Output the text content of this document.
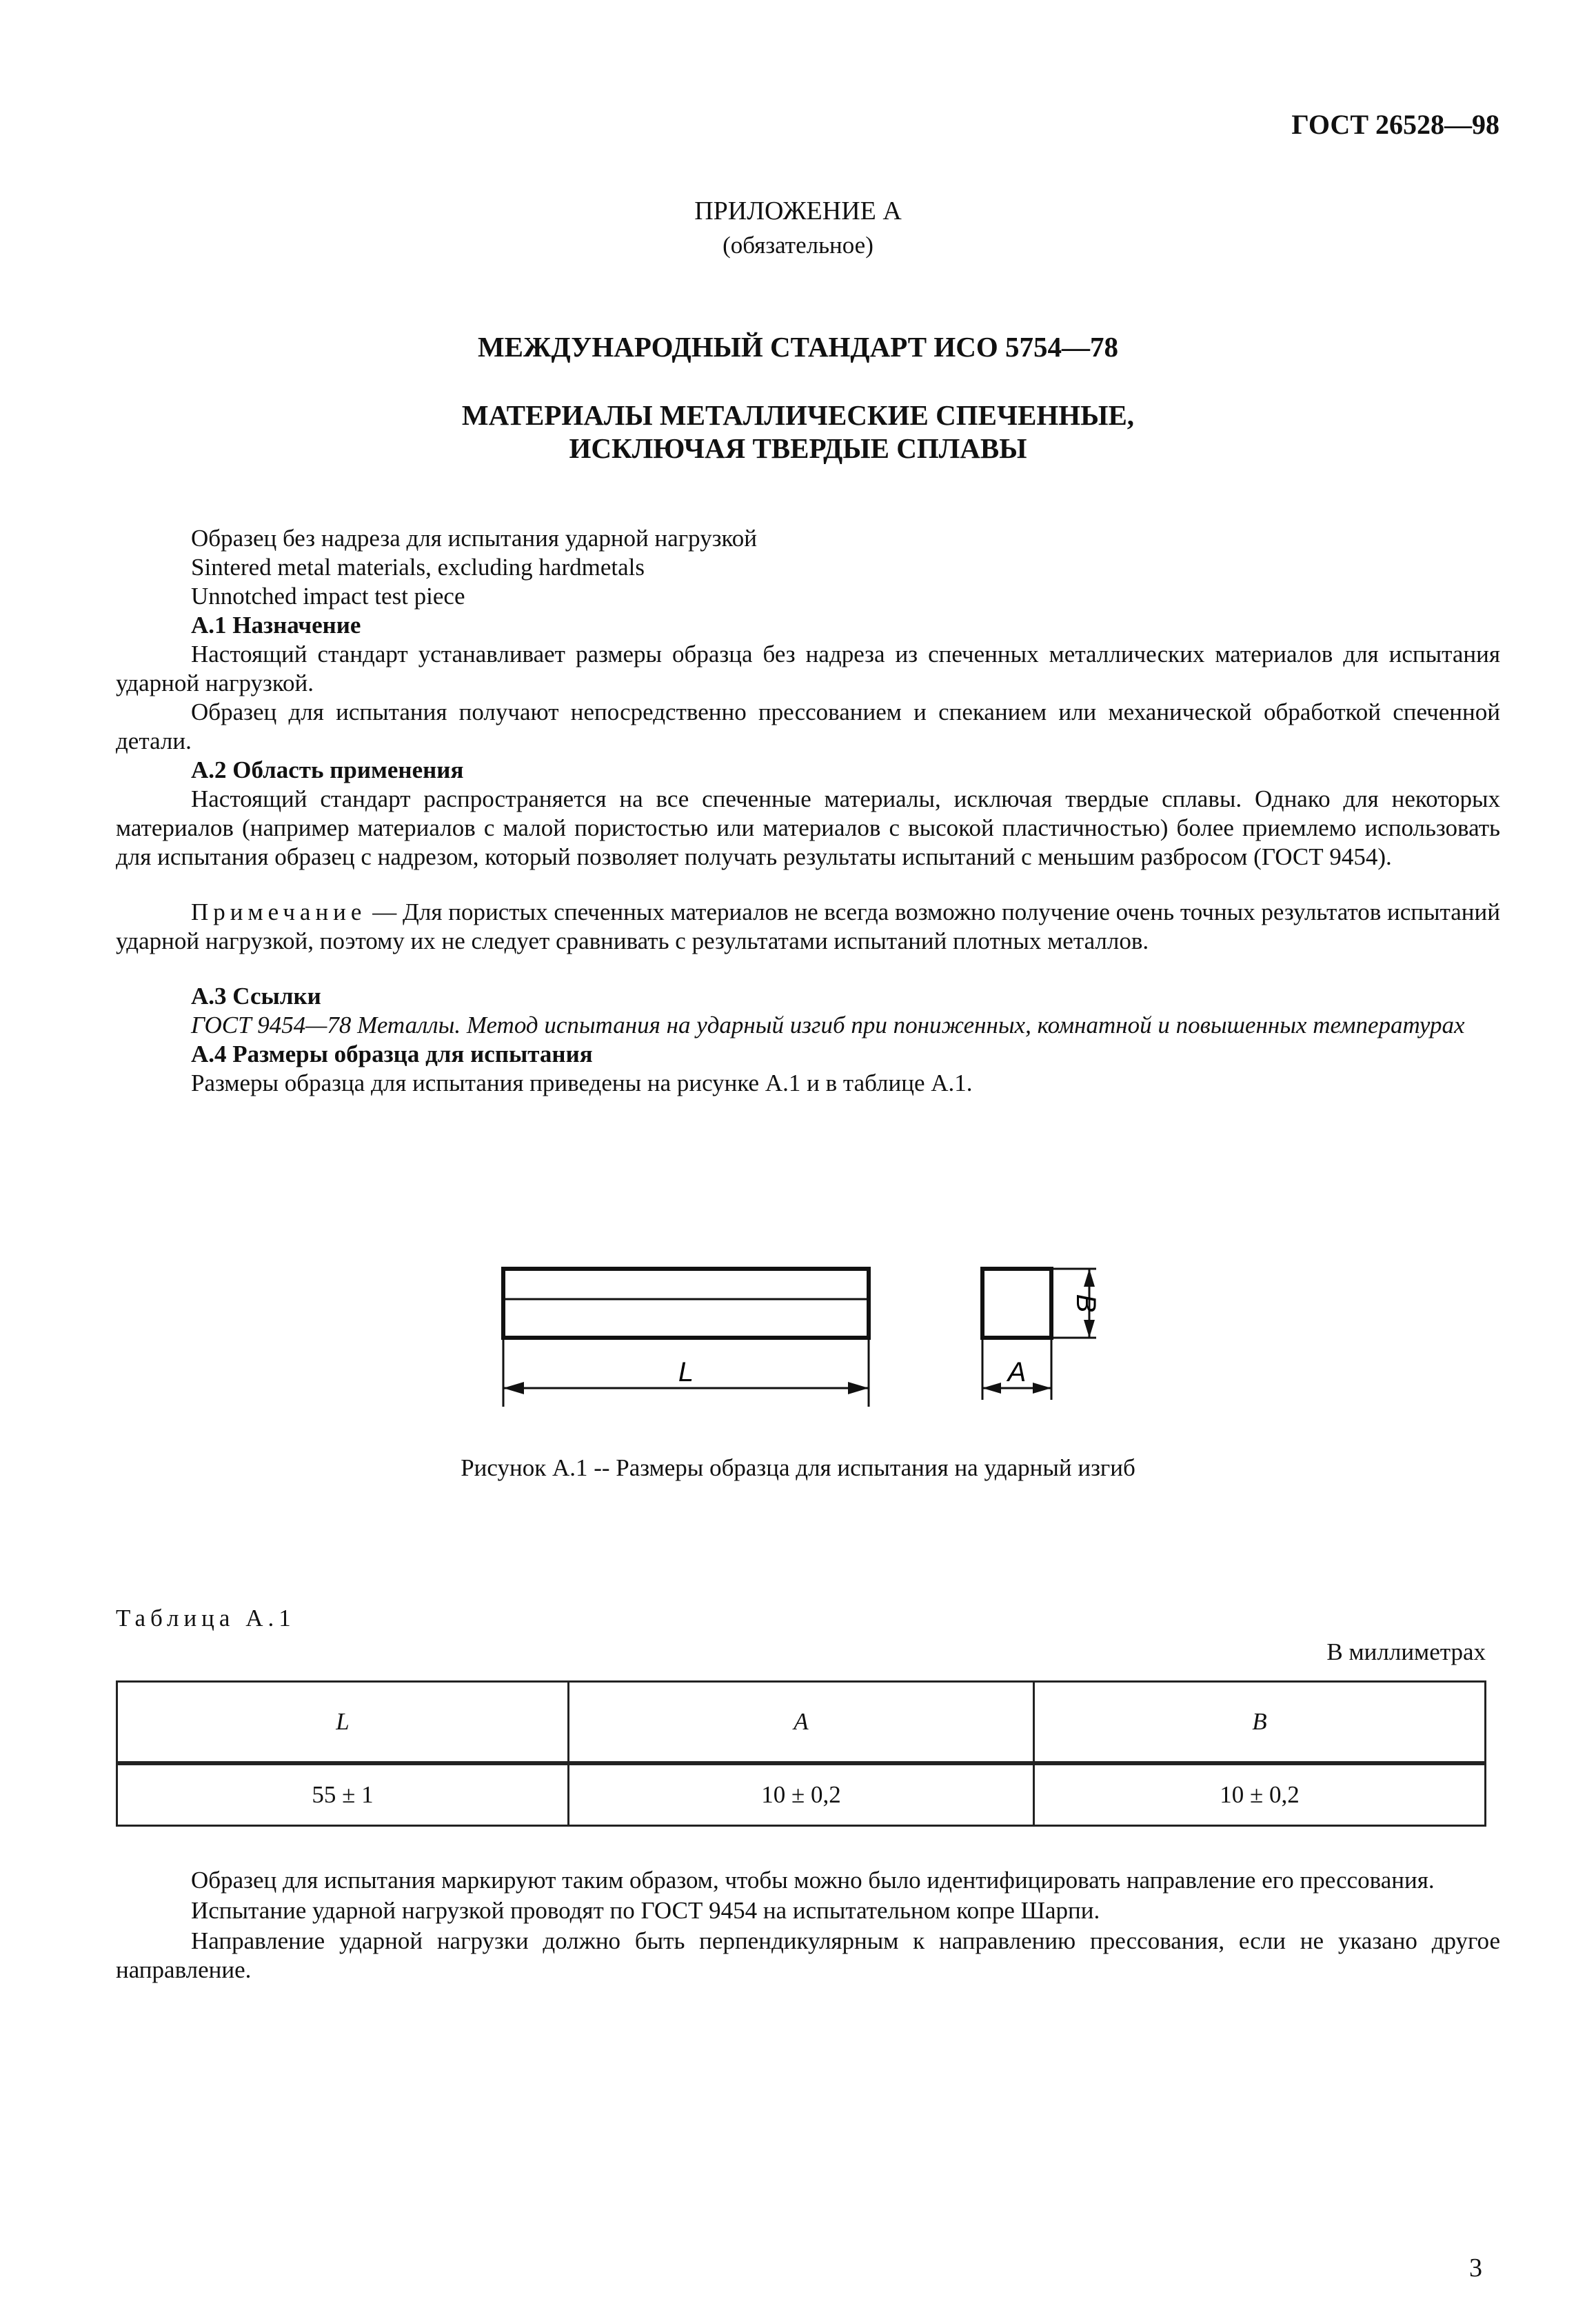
ГОСТ 26528—98
ПРИЛОЖЕНИЕ А
(обязательное)
МЕЖДУНАРОДНЫЙ СТАНДАРТ ИСО 5754—78
МАТЕРИАЛЫ МЕТАЛЛИЧЕСКИЕ СПЕЧЕННЫЕ,
ИСКЛЮЧАЯ ТВЕРДЫЕ СПЛАВЫ

Образец без надреза для испытания ударной нагрузкой

Sintered metal materials, excluding hardmetals

Unnotched impact test piece

А.1 Назначение

Настоящий стандарт устанавливает размеры образца без надреза из спеченных металлических материалов для испытания ударной нагрузкой.

Образец для испытания получают непосредственно прессованием и спеканием или механической обработкой спеченной детали.

А.2 Область применения

Настоящий стандарт распространяется на все спеченные материалы, исключая твердые сплавы. Однако для некоторых материалов (например материалов с малой пористостью или материалов с высокой пластичностью) более приемлемо использовать для испытания образец с надрезом, который позволяет получать результаты испытаний с меньшим разбросом (ГОСТ 9454).

Примечание — Для пористых спеченных материалов не всегда возможно получение очень точных результатов испытаний ударной нагрузкой, поэтому их не следует сравнивать с результатами испытаний плотных металлов.

А.3 Ссылки

ГОСТ 9454—78 Металлы. Метод испытания на ударный изгиб при пониженных, комнатной и повышенных температурах

А.4 Размеры образца для испытания

Размеры образца для испытания приведены на рисунке А.1 и в таблице А.1.

L	A
B
Рисунок А.1 -- Размеры образца для испытания на ударный изгиб
Таблица А.1
В миллиметрах
L	A	B
55 ± 1	10 ± 0,2	10 ± 0,2

Образец для испытания маркируют таким образом, чтобы можно было идентифицировать направление его прессования.

Испытание ударной нагрузкой проводят по ГОСТ 9454 на испытательном копре Шарпи.

Направление ударной нагрузки должно быть перпендикулярным к направлению прессования, если не указано другое направление.

3
